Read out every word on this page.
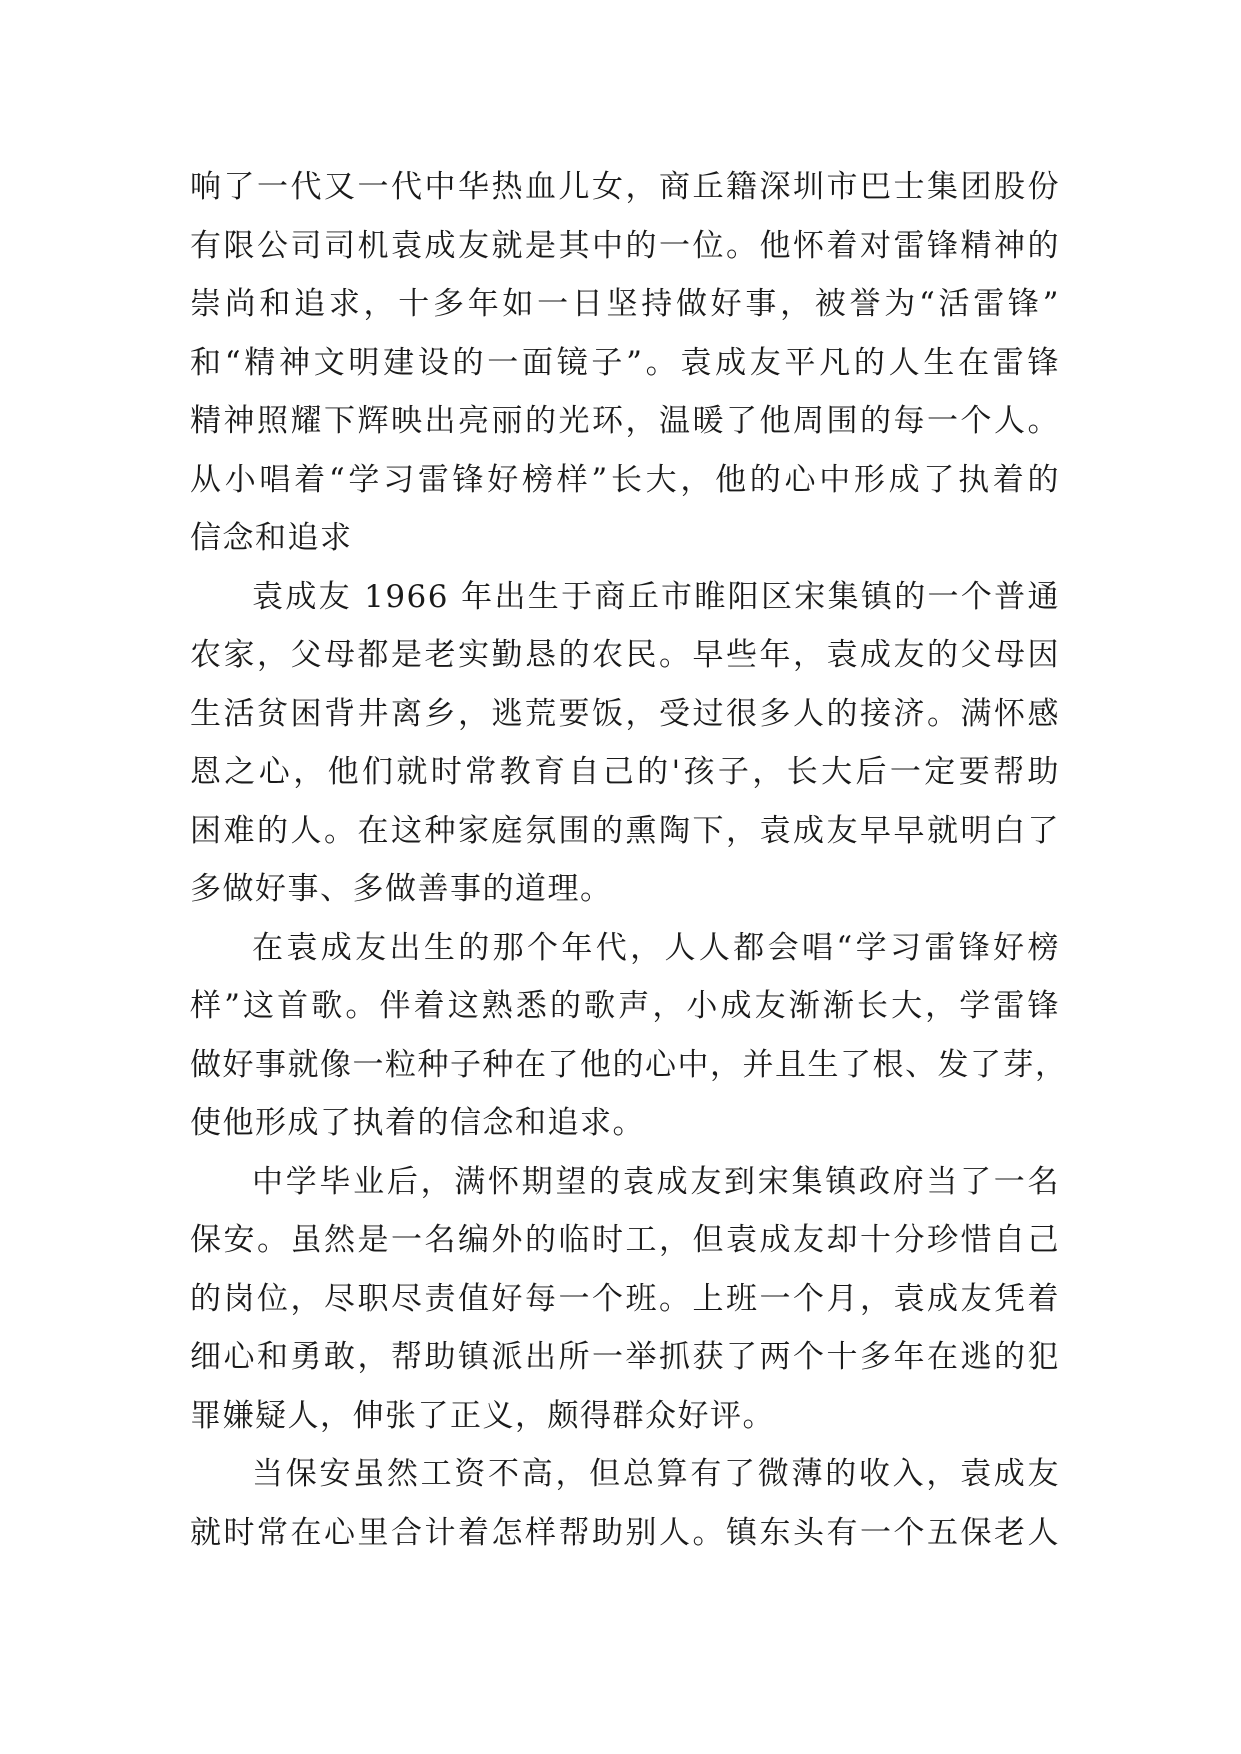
响了一代又一代中华热血儿女，商丘籍深圳市巴士集团股份
有限公司司机袁成友就是其中的一位。他怀着对雷锋精神的
崇尚和追求，十多年如一日坚持做好事，被誉为“活雷锋”
和“精神文明建设的一面镜子”。袁成友平凡的人生在雷锋
精神照耀下辉映出亮丽的光环，温暖了他周围的每一个人。
从小唱着“学习雷锋好榜样”长大，他的心中形成了执着的
信念和追求

袁成友 1966 年出生于商丘市睢阳区宋集镇的一个普通
农家，父母都是老实勤恳的农民。早些年，袁成友的父母因
生活贫困背井离乡，逃荒要饭，受过很多人的接济。满怀感
恩之心，他们就时常教育自己的'孩子，长大后一定要帮助
困难的人。在这种家庭氛围的熏陶下，袁成友早早就明白了
多做好事、多做善事的道理。

在袁成友出生的那个年代，人人都会唱“学习雷锋好榜
样”这首歌。伴着这熟悉的歌声，小成友渐渐长大，学雷锋
做好事就像一粒种子种在了他的心中，并且生了根、发了芽，
使他形成了执着的信念和追求。

中学毕业后，满怀期望的袁成友到宋集镇政府当了一名
保安。虽然是一名编外的临时工，但袁成友却十分珍惜自己
的岗位，尽职尽责值好每一个班。上班一个月，袁成友凭着
细心和勇敢，帮助镇派出所一举抓获了两个十多年在逃的犯
罪嫌疑人，伸张了正义，颇得群众好评。

当保安虽然工资不高，但总算有了微薄的收入，袁成友
就时常在心里合计着怎样帮助别人。镇东头有一个五保老人
